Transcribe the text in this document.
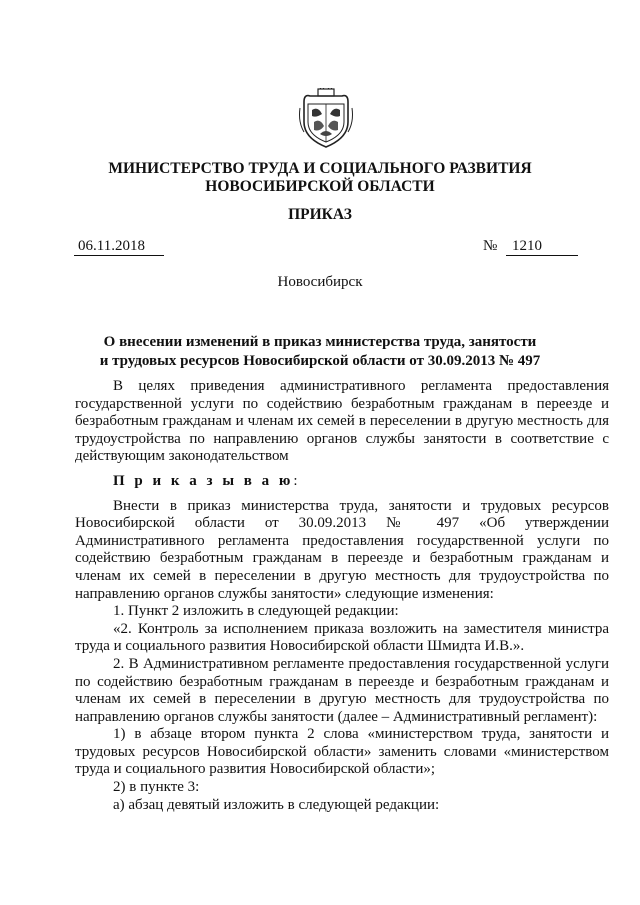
МИНИСТЕРСТВО ТРУДА И СОЦИАЛЬНОГО РАЗВИТИЯ
НОВОСИБИРСКОЙ ОБЛАСТИ
ПРИКАЗ
06.11.2018	№ 1210
Новосибирск
О внесении изменений в приказ министерства труда, занятости
и трудовых ресурсов Новосибирской области от 30.09.2013 № 497

В целях приведения административного регламента предоставления государственной услуги по содействию безработным гражданам в переезде и безработным гражданам и членам их семей в переселении в другую местность для трудоустройства по направлению органов службы занятости в соответствие с действующим законодательством

П р и к а з ы в а ю:

Внести в приказ министерства труда, занятости и трудовых ресурсов Новосибирской области от 30.09.2013 № 497 «Об утверждении Административного регламента предоставления государственной услуги по содействию безработным гражданам в переезде и безработным гражданам и членам их семей в переселении в другую местность для трудоустройства по направлению органов службы занятости» следующие изменения:

1. Пункт 2 изложить в следующей редакции:

«2. Контроль за исполнением приказа возложить на заместителя министра труда и социального развития Новосибирской области Шмидта И.В.».

2. В Административном регламенте предоставления государственной услуги по содействию безработным гражданам в переезде и безработным гражданам и членам их семей в переселении в другую местность для трудоустройства по направлению органов службы занятости (далее – Административный регламент):

1) в абзаце втором пункта 2 слова «министерством труда, занятости и трудовых ресурсов Новосибирской области» заменить словами «министерством труда и социального развития Новосибирской области»;

2) в пункте 3:

а) абзац девятый изложить в следующей редакции:
